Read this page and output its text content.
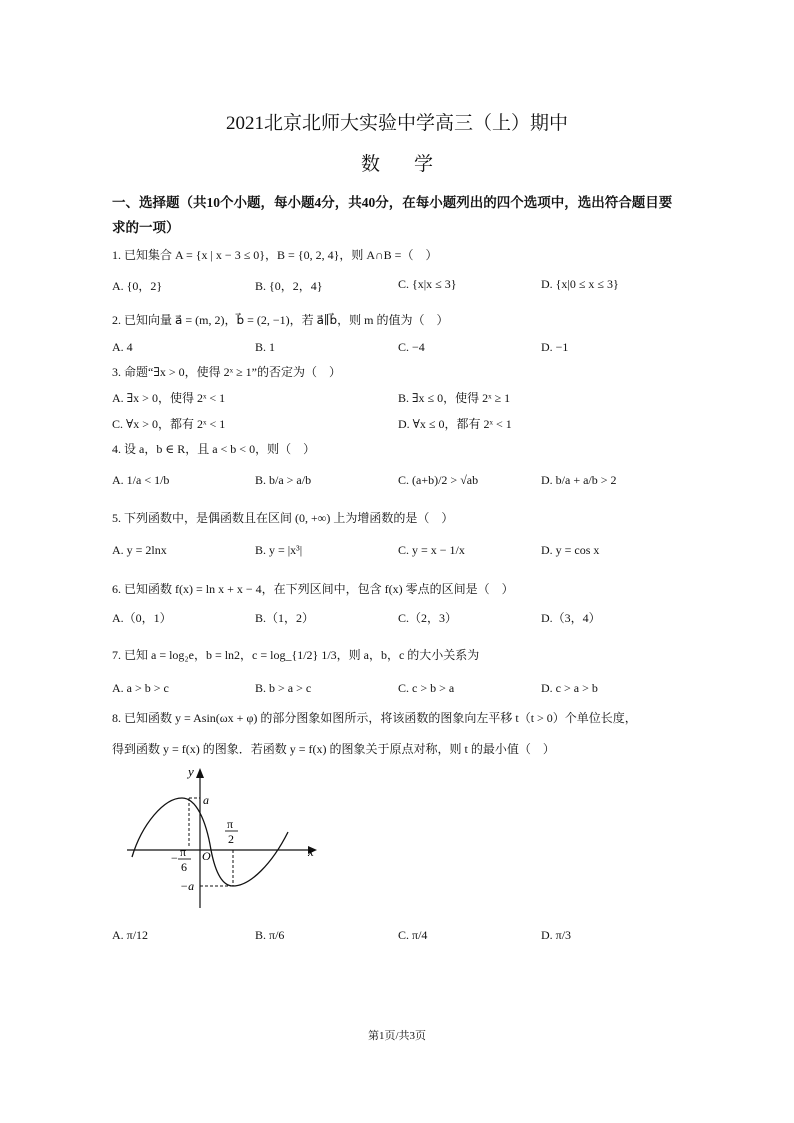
2021北京北师大实验中学高三（上）期中
数学
一、选择题（共10个小题，每小题4分，共40分，在每小题列出的四个选项中，选出符合题目要求的一项）
1. 已知集合 A = {x | x − 3 ≤ 0}，B = {0, 2, 4}，则 A∩B =（　）
A. {0，2}	B. {0，2，4}	C. {x|x ≤ 3}	D. {x|0 ≤ x ≤ 3}
2. 已知向量 a⃗ = (m, 2)，b⃗ = (2, −1)，若 a⃗∥b⃗，则 m 的值为（　）
A. 4	B. 1	C. −4	D. −1
3. 命题“∃x > 0，使得 2ˣ ≥ 1”的否定为（　）
A. ∃x > 0，使得 2ˣ < 1	B. ∃x ≤ 0，使得 2ˣ ≥ 1
C. ∀x > 0，都有 2ˣ < 1	D. ∀x ≤ 0，都有 2ˣ < 1
4. 设 a，b ∈ R，且 a < b < 0，则（　）
A. 1/a < 1/b	B. b/a > a/b	C. (a+b)/2 > √ab	D. b/a + a/b > 2
5. 下列函数中，是偶函数且在区间 (0, +∞) 上为增函数的是（　）
A. y = 2lnx	B. y = |x³|	C. y = x − 1/x	D. y = cos x
6. 已知函数 f(x) = ln x + x − 4，在下列区间中，包含 f(x) 零点的区间是（　）
A.（0，1）	B.（1，2）	C.（2，3）	D.（3，4）
7. 已知 a = log₂e，b = ln2，c = log_{1/2} 1/3，则 a，b，c 的大小关系为
A. a > b > c	B. b > a > c	C. c > b > a	D. c > a > b
8. 已知函数 y = Asin(ωx + φ) 的部分图象如图所示，将该函数的图象向左平移 t（t > 0）个单位长度，
得到函数 y = f(x) 的图象．若函数 y = f(x) 的图象关于原点对称，则 t 的最小值（　）
y
x
O
a
−a
π
2
− π
6
A. π/12	B. π/6	C. π/4	D. π/3
第1页/共3页
